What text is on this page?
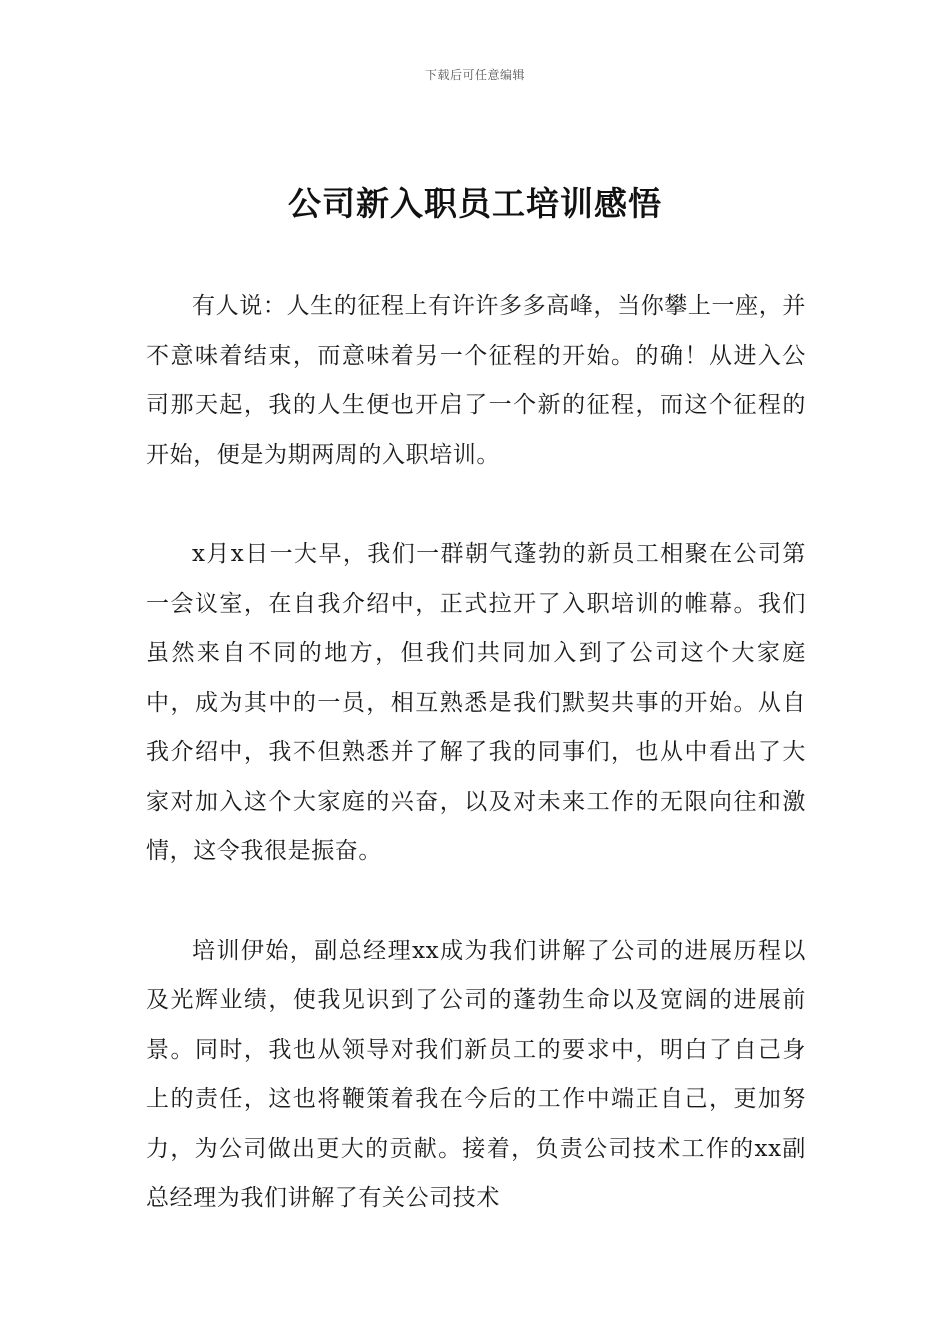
下载后可任意编辑
公司新入职员工培训感悟

有人说：人生的征程上有许许多多高峰，当你攀上一座，并不意味着结束，而意味着另一个征程的开始。的确！从进入公司那天起，我的人生便也开启了一个新的征程，而这个征程的开始，便是为期两周的入职培训。

x月x日一大早，我们一群朝气蓬勃的新员工相聚在公司第一会议室，在自我介绍中，正式拉开了入职培训的帷幕。我们虽然来自不同的地方，但我们共同加入到了公司这个大家庭中，成为其中的一员，相互熟悉是我们默契共事的开始。从自我介绍中，我不但熟悉并了解了我的同事们，也从中看出了大家对加入这个大家庭的兴奋，以及对未来工作的无限向往和激情，这令我很是振奋。

培训伊始，副总经理xx成为我们讲解了公司的进展历程以及光辉业绩，使我见识到了公司的蓬勃生命以及宽阔的进展前景。同时，我也从领导对我们新员工的要求中，明白了自己身上的责任，这也将鞭策着我在今后的工作中端正自己，更加努力，为公司做出更大的贡献。接着，负责公司技术工作的xx副总经理为我们讲解了有关公司技术
